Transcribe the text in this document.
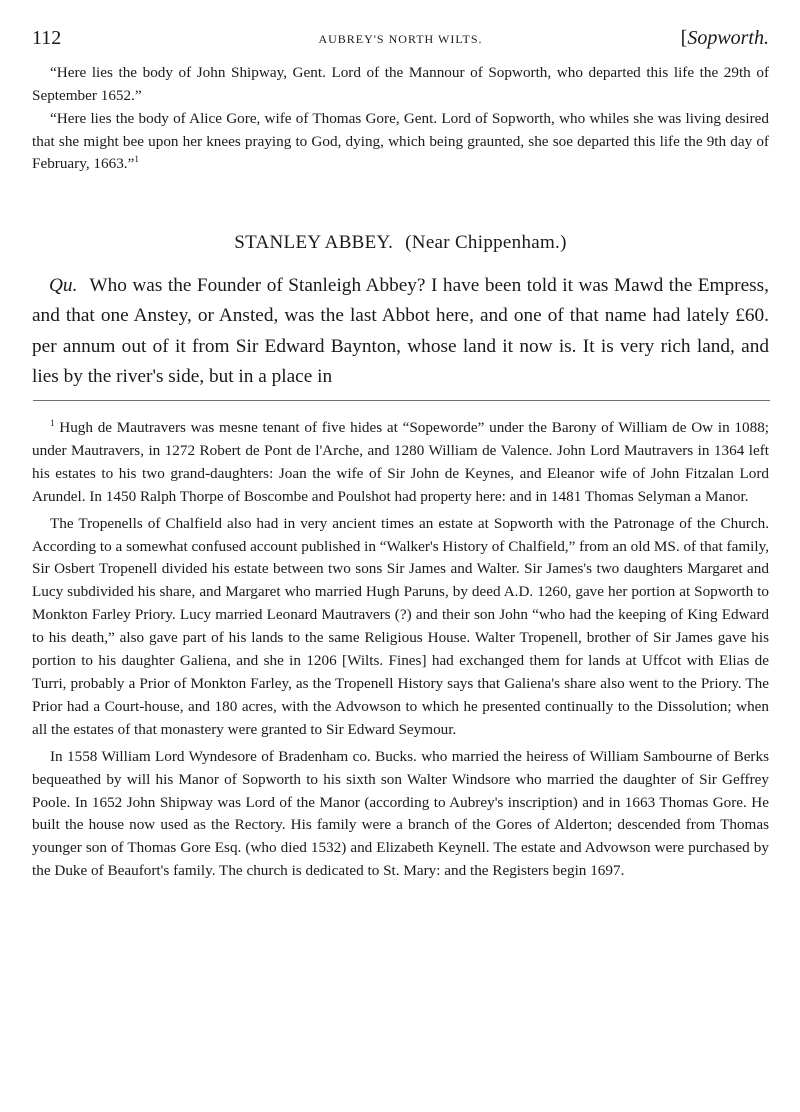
112	AUBREY'S NORTH WILTS.	[Sopworth.

“Here lies the body of John Shipway, Gent. Lord of the Mannour of Sopworth, who departed this life the 29th of September 1652.”

“Here lies the body of Alice Gore, wife of Thomas Gore, Gent. Lord of Sopworth, who whiles she was living desired that she might bee upon her knees praying to God, dying, which being graunted, she soe departed this life the 9th day of February, 1663.”$^1$

STANLEY ABBEY. (Near Chippenham.)

Qu. Who was the Founder of Stanleigh Abbey? I have been told it was Mawd the Empress, and that one Anstey, or Ansted, was the last Abbot here, and one of that name had lately £60. per annum out of it from Sir Edward Baynton, whose land it now is. It is very rich land, and lies by the river's side, but in a place in

$^1$ Hugh de Mautravers was mesne tenant of five hides at “Sopeworde” under the Barony of William de Ow in 1088; under Mautravers, in 1272 Robert de Pont de l'Arche, and 1280 William de Valence. John Lord Mautravers in 1364 left his estates to his two grand-daughters: Joan the wife of Sir John de Keynes, and Eleanor wife of John Fitzalan Lord Arundel. In 1450 Ralph Thorpe of Boscombe and Poulshot had property here: and in 1481 Thomas Selyman a Manor.

The Tropenells of Chalfield also had in very ancient times an estate at Sopworth with the Patronage of the Church. According to a somewhat confused account published in “Walker's History of Chalfield,” from an old MS. of that family, Sir Osbert Tropenell divided his estate between two sons Sir James and Walter. Sir James's two daughters Margaret and Lucy subdivided his share, and Margaret who married Hugh Paruns, by deed A.D. 1260, gave her portion at Sopworth to Monkton Farley Priory. Lucy married Leonard Mautravers (?) and their son John “who had the keeping of King Edward to his death,” also gave part of his lands to the same Religious House. Walter Tropenell, brother of Sir James gave his portion to his daughter Galiena, and she in 1206 [Wilts. Fines] had exchanged them for lands at Uffcot with Elias de Turri, probably a Prior of Monkton Farley, as the Tropenell History says that Galiena's share also went to the Priory. The Prior had a Court-house, and 180 acres, with the Advowson to which he presented continually to the Dissolution; when all the estates of that monastery were granted to Sir Edward Seymour.

In 1558 William Lord Wyndesore of Bradenham co. Bucks. who married the heiress of William Sambourne of Berks bequeathed by will his Manor of Sopworth to his sixth son Walter Windsore who married the daughter of Sir Geffrey Poole. In 1652 John Shipway was Lord of the Manor (according to Aubrey's inscription) and in 1663 Thomas Gore. He built the house now used as the Rectory. His family were a branch of the Gores of Alderton; descended from Thomas younger son of Thomas Gore Esq. (who died 1532) and Elizabeth Keynell. The estate and Advowson were purchased by the Duke of Beaufort's family. The church is dedicated to St. Mary: and the Registers begin 1697.
